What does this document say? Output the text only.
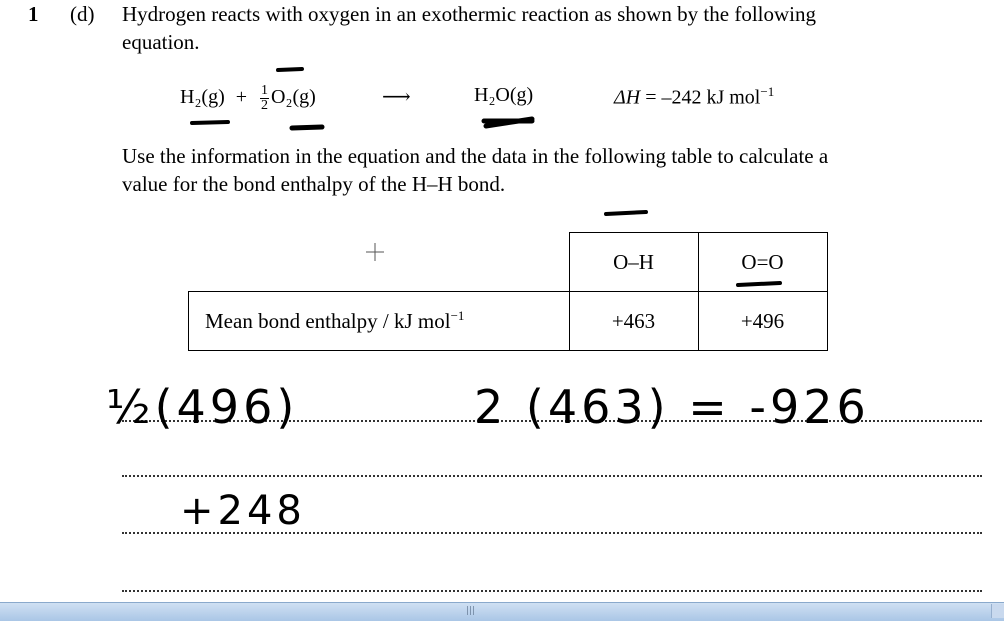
1 (d) Hydrogen reacts with oxygen in an exothermic reaction as shown by the following
equation.
$H_2(g) + \frac{1}{2} O_2(g)$	⟶	H₂O(g)	ΔH = –242 kJ mol$^{-1}$
Use the information in the equation and the data in the following table to calculate a
value for the bond enthalpy of the H–H bond.
	O–H	O=O
Mean bond enthalpy / kJ mol$^{-1}$	+463	+496
½(496)	2 (463) = -926
+248
|||
